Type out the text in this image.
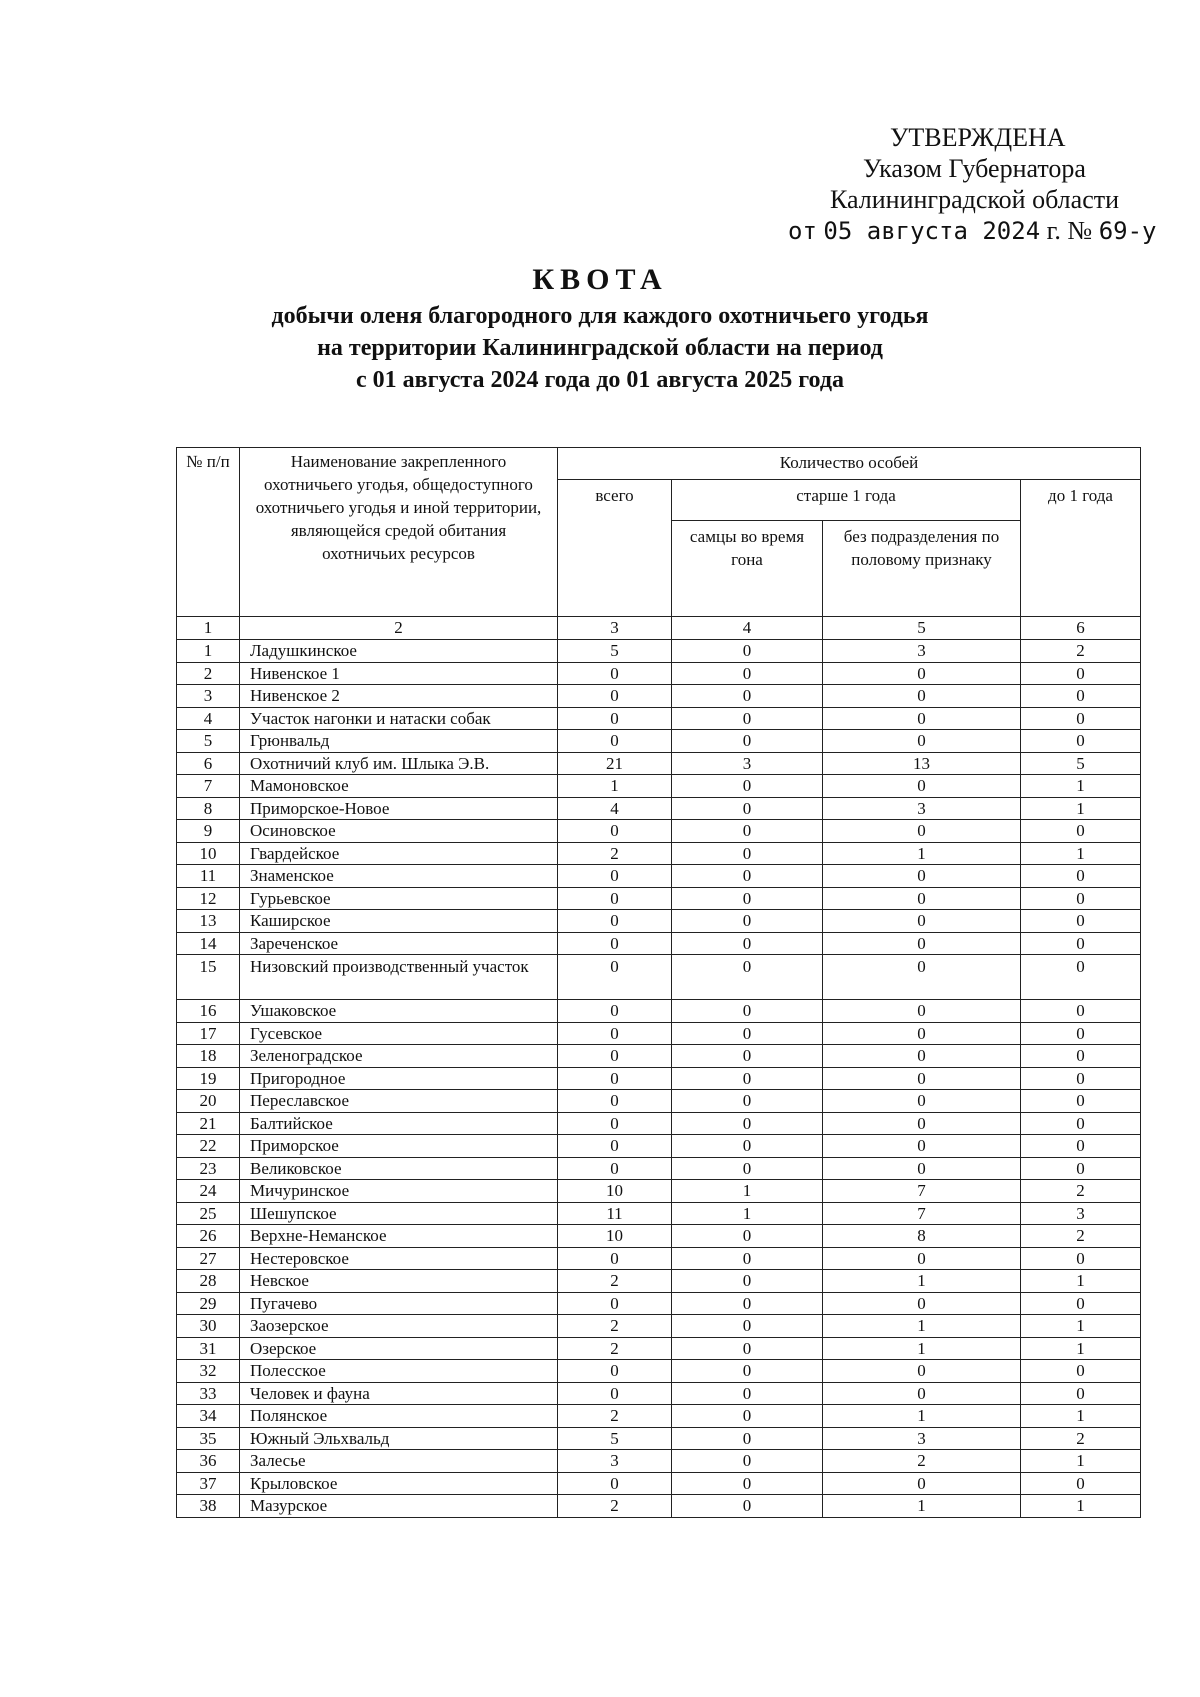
УТВЕРЖДЕНА
Указом Губернатора
Калининградской области
от 05 августа 2024 г. № 69-у
КВОТА
добычи оленя благородного для каждого охотничьего угодья
на территории Калининградской области на период
с 01 августа 2024 года до 01 августа 2025 года
№ п/п	Наименование закрепленного охотничьего угодья, общедоступного охотничьего угодья и иной территории, являющейся средой обитания охотничьих ресурсов	Количество особей			
		всего	старше 1 года		до 1 года
			самцы во время гона	без подразделения по половому признаку	
1	2	3	4	5	6
1	Ладушкинское	5	0	3	2
2	Нивенское 1	0	0	0	0
3	Нивенское 2	0	0	0	0
4	Участок нагонки и натаски собак	0	0	0	0
5	Грюнвальд	0	0	0	0
6	Охотничий клуб им. Шлыка Э.В.	21	3	13	5
7	Мамоновское	1	0	0	1
8	Приморское-Новое	4	0	3	1
9	Осиновское	0	0	0	0
10	Гвардейское	2	0	1	1
11	Знаменское	0	0	0	0
12	Гурьевское	0	0	0	0
13	Каширское	0	0	0	0
14	Зареченское	0	0	0	0
15	Низовский производственный участок	0	0	0	0
16	Ушаковское	0	0	0	0
17	Гусевское	0	0	0	0
18	Зеленоградское	0	0	0	0
19	Пригородное	0	0	0	0
20	Переславское	0	0	0	0
21	Балтийское	0	0	0	0
22	Приморское	0	0	0	0
23	Великовское	0	0	0	0
24	Мичуринское	10	1	7	2
25	Шешупское	11	1	7	3
26	Верхне-Неманское	10	0	8	2
27	Нестеровское	0	0	0	0
28	Невское	2	0	1	1
29	Пугачево	0	0	0	0
30	Заозерское	2	0	1	1
31	Озерское	2	0	1	1
32	Полесское	0	0	0	0
33	Человек и фауна	0	0	0	0
34	Полянское	2	0	1	1
35	Южный Эльхвальд	5	0	3	2
36	Залесье	3	0	2	1
37	Крыловское	0	0	0	0
38	Мазурское	2	0	1	1
